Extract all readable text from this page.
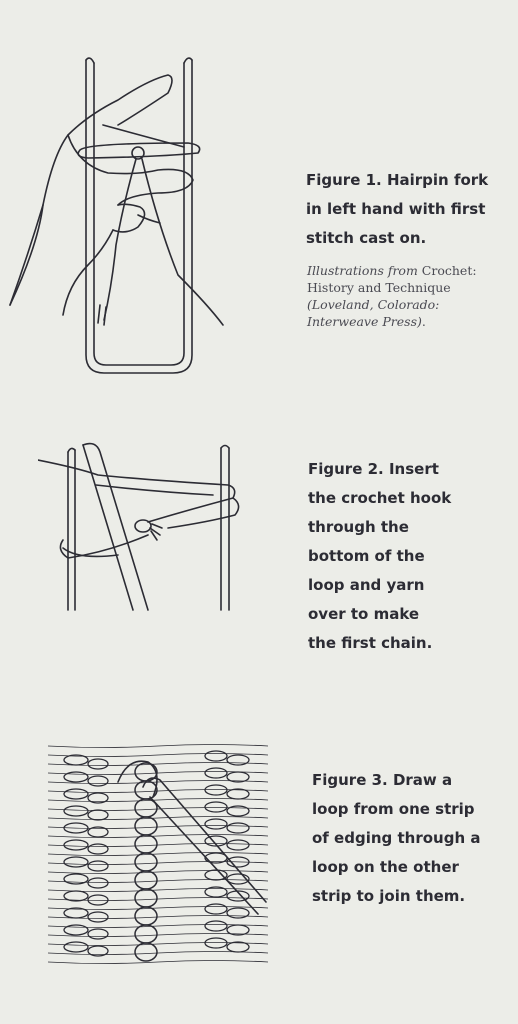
Figure 1. Hairpin fork
in left hand with first
stitch cast on.
Illustrations from Crochet:
History and Technique
(Loveland, Colorado:
Interweave Press).
Figure 2. Insert
the crochet hook
through the
bottom of the
loop and yarn
over to make
the first chain.
Figure 3. Draw a
loop from one strip
of edging through a
loop on the other
strip to join them.
